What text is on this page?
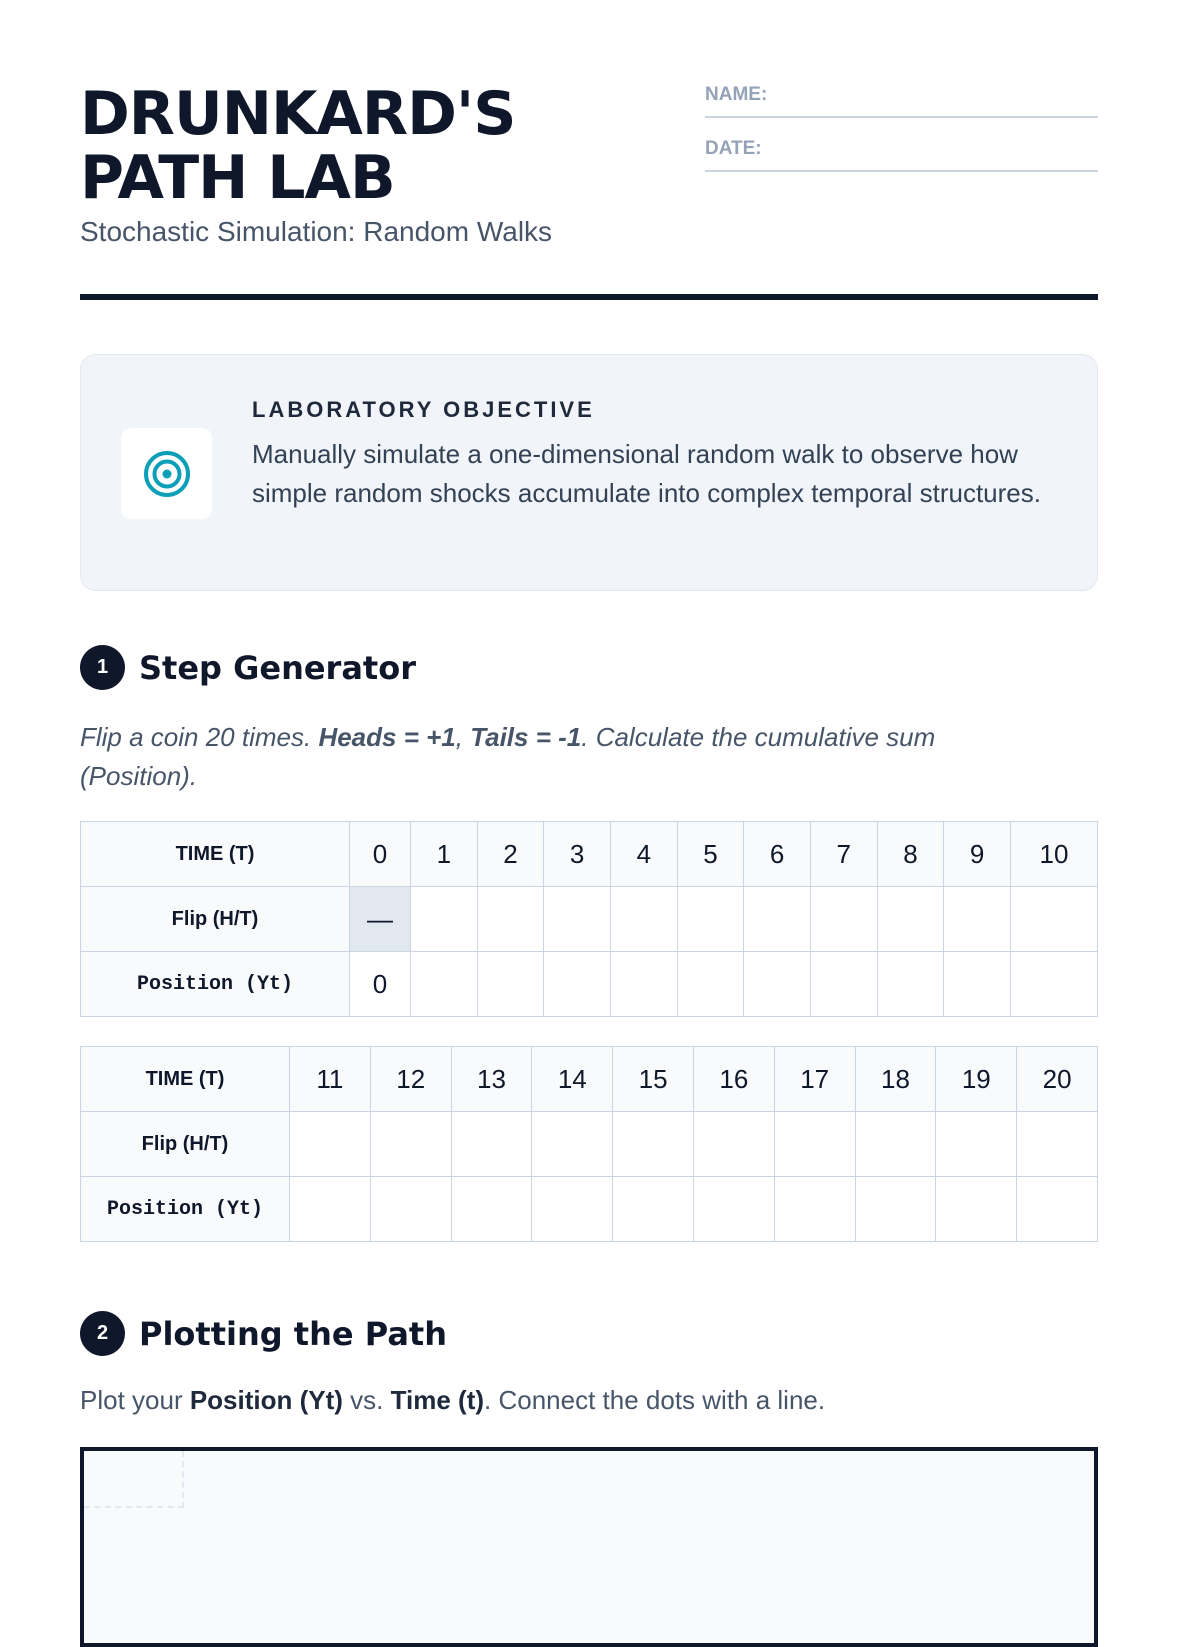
DRUNKARD'S PATH LAB
Stochastic Simulation: Random Walks
NAME:
DATE:
LABORATORY OBJECTIVE
Manually simulate a one-dimensional random walk to observe how simple random shocks accumulate into complex temporal structures.
1 Step Generator
Flip a coin 20 times. Heads = +1, Tails = -1. Calculate the cumulative sum (Position).
TIME (T)	0	1	2	3	4	5	6	7	8	9	10
Flip (H/T)	—										
Position (Yt)	0										
TIME (T)	11	12	13	14	15	16	17	18	19	20
Flip (H/T)										
Position (Yt)										
2 Plotting the Path
Plot your Position (Yt) vs. Time (t). Connect the dots with a line.
